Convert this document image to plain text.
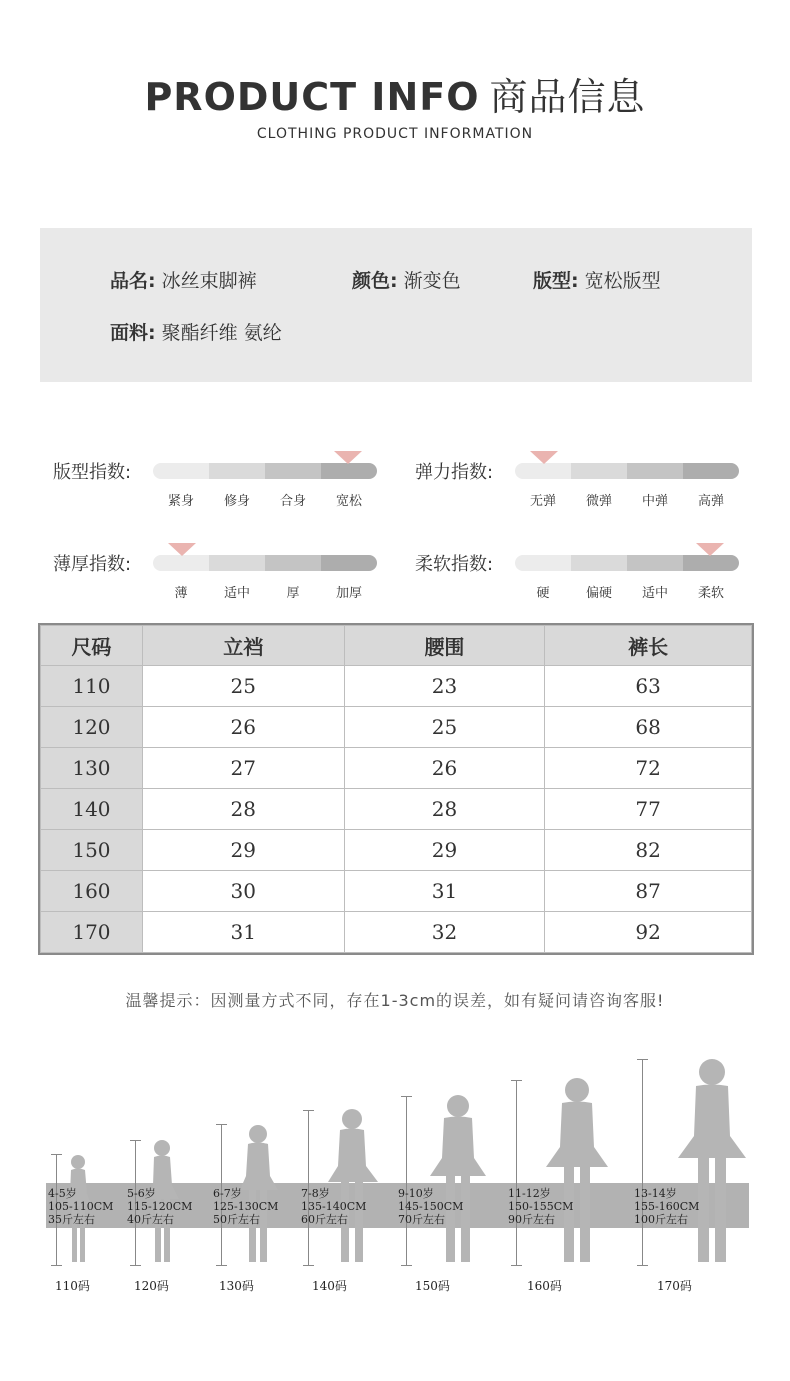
PRODUCT INFO 商品信息
CLOTHING PRODUCT INFORMATION
品名: 冰丝束脚裤	颜色: 渐变色	版型: 宽松版型
面料: 聚酯纤维 氨纶
版型指数:
紧身	修身	合身	宽松
弹力指数:
无弹	微弹	中弹	高弹
薄厚指数:
薄	适中	厚	加厚
柔软指数:
硬	偏硬	适中	柔软
尺码	立裆	腰围	裤长
110	25	23	63
120	26	25	68
130	27	26	72
140	28	28	77
150	29	29	82
160	30	31	87
170	31	32	92
温馨提示：因测量方式不同，存在1-3cm的误差，如有疑问请咨询客服!
4-5岁
105-110CM
35斤左右
5-6岁
115-120CM
40斤左右
6-7岁
125-130CM
50斤左右
7-8岁
135-140CM
60斤左右
9-10岁
145-150CM
70斤左右
11-12岁
150-155CM
90斤左右
13-14岁
155-160CM
100斤左右
110码	120码	130码	140码	150码	160码	170码
